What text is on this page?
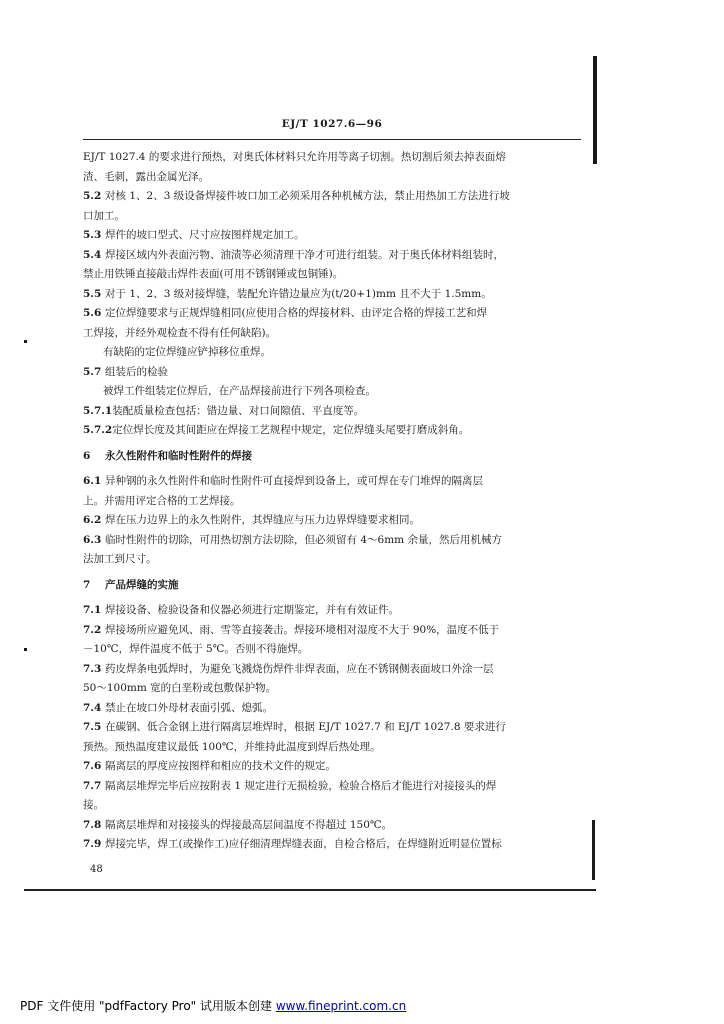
EJ/T 1027.6—96
EJ/T 1027.4 的要求进行预热，对奥氏体材料只允许用等离子切割。热切割后须去掉表面熔
渣、毛刺，露出金属光泽。
5.2对核 1、2、3 级设备焊接件坡口加工必须采用各种机械方法，禁止用热加工方法进行坡
口加工。
5.3焊件的坡口型式、尺寸应按图样规定加工。
5.4焊接区域内外表面污物、油渍等必须清理干净才可进行组装。对于奥氏体材料组装时，
禁止用铁锤直接敲击焊件表面(可用不锈钢锤或包铜锤)。
5.5对于 1、2、3 级对接焊缝，装配允许错边量应为(t/20+1)mm 且不大于 1.5mm。
5.6定位焊缝要求与正规焊缝相同(应使用合格的焊接材料、由评定合格的焊接工艺和焊
工焊接，并经外观检查不得有任何缺陷)。
有缺陷的定位焊缝应铲掉移位重焊。
5.7组装后的检验
被焊工件组装定位焊后，在产品焊接前进行下列各项检查。
5.7.1装配质量检查包括：错边量、对口间隙值、平直度等。
5.7.2定位焊长度及其间距应在焊接工艺规程中规定，定位焊缝头尾要打磨成斜角。
6永久性附件和临时性附件的焊接
6.1异种钢的永久性附件和临时性附件可直接焊到设备上，或可焊在专门堆焊的隔离层
上。并需用评定合格的工艺焊接。
6.2焊在压力边界上的永久性附件，其焊缝应与压力边界焊缝要求相同。
6.3临时性附件的切除，可用热切割方法切除，但必须留有 4～6mm 余量，然后用机械方
法加工到尺寸。
7产品焊缝的实施
7.1焊接设备、检验设备和仪器必须进行定期鉴定，并有有效证件。
7.2焊接场所应避免风、雨、雪等直接袭击。焊接环境相对湿度不大于 90%，温度不低于
－10℃，焊件温度不低于 5℃。否则不得施焊。
7.3药皮焊条电弧焊时，为避免飞溅烧伤焊件非焊表面，应在不锈钢侧表面坡口外涂一层
50～100mm 宽的白垩粉或包敷保护物。
7.4禁止在坡口外母材表面引弧、熄弧。
7.5在碳钢、低合金钢上进行隔离层堆焊时，根据 EJ/T 1027.7 和 EJ/T 1027.8 要求进行
预热。预热温度建议最低 100℃，并维持此温度到焊后热处理。
7.6隔离层的厚度应按图样和相应的技术文件的规定。
7.7隔离层堆焊完毕后应按附表 1 规定进行无损检验，检验合格后才能进行对接接头的焊
接。
7.8隔离层堆焊和对接接头的焊接最高层间温度不得超过 150℃。
7.9焊接完毕，焊工(或操作工)应仔细清理焊缝表面，自检合格后，在焊缝附近明显位置标
48
PDF 文件使用 "pdfFactory Pro" 试用版本创建 www.fineprint.com.cn
